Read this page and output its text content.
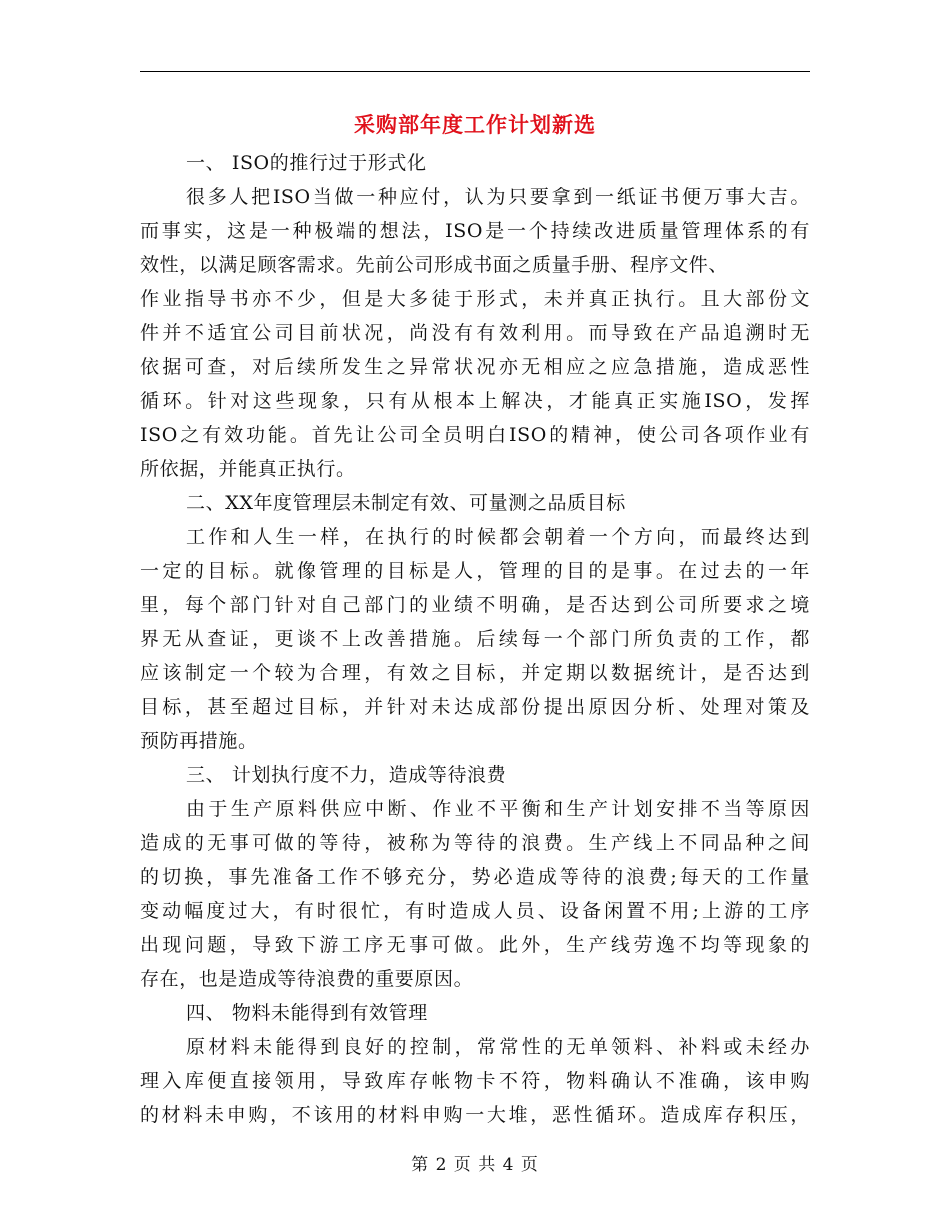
采购部年度工作计划新选
一、 ISO的推行过于形式化
很多人把ISO当做一种应付，认为只要拿到一纸证书便万事大吉。
而事实，这是一种极端的想法，ISO是一个持续改进质量管理体系的有
效性，以满足顾客需求。先前公司形成书面之质量手册、程序文件、
作业指导书亦不少，但是大多徒于形式，未并真正执行。且大部份文
件并不适宜公司目前状况，尚没有有效利用。而导致在产品追溯时无
依据可查，对后续所发生之异常状况亦无相应之应急措施，造成恶性
循环。针对这些现象，只有从根本上解决，才能真正实施ISO，发挥
ISO之有效功能。首先让公司全员明白ISO的精神，使公司各项作业有
所依据，并能真正执行。
二、XX年度管理层未制定有效、可量测之品质目标
工作和人生一样，在执行的时候都会朝着一个方向，而最终达到
一定的目标。就像管理的目标是人，管理的目的是事。在过去的一年
里，每个部门针对自己部门的业绩不明确，是否达到公司所要求之境
界无从查证，更谈不上改善措施。后续每一个部门所负责的工作，都
应该制定一个较为合理，有效之目标，并定期以数据统计，是否达到
目标，甚至超过目标，并针对未达成部份提出原因分析、处理对策及
预防再措施。
三、 计划执行度不力，造成等待浪费
由于生产原料供应中断、作业不平衡和生产计划安排不当等原因
造成的无事可做的等待，被称为等待的浪费。生产线上不同品种之间
的切换，事先准备工作不够充分，势必造成等待的浪费;每天的工作量
变动幅度过大，有时很忙，有时造成人员、设备闲置不用;上游的工序
出现问题，导致下游工序无事可做。此外，生产线劳逸不均等现象的
存在，也是造成等待浪费的重要原因。
四、 物料未能得到有效管理
原材料未能得到良好的控制，常常性的无单领料、补料或未经办
理入库便直接领用，导致库存帐物卡不符，物料确认不准确，该申购
的材料未申购，不该用的材料申购一大堆，恶性循环。造成库存积压，
第 2 页 共 4 页
